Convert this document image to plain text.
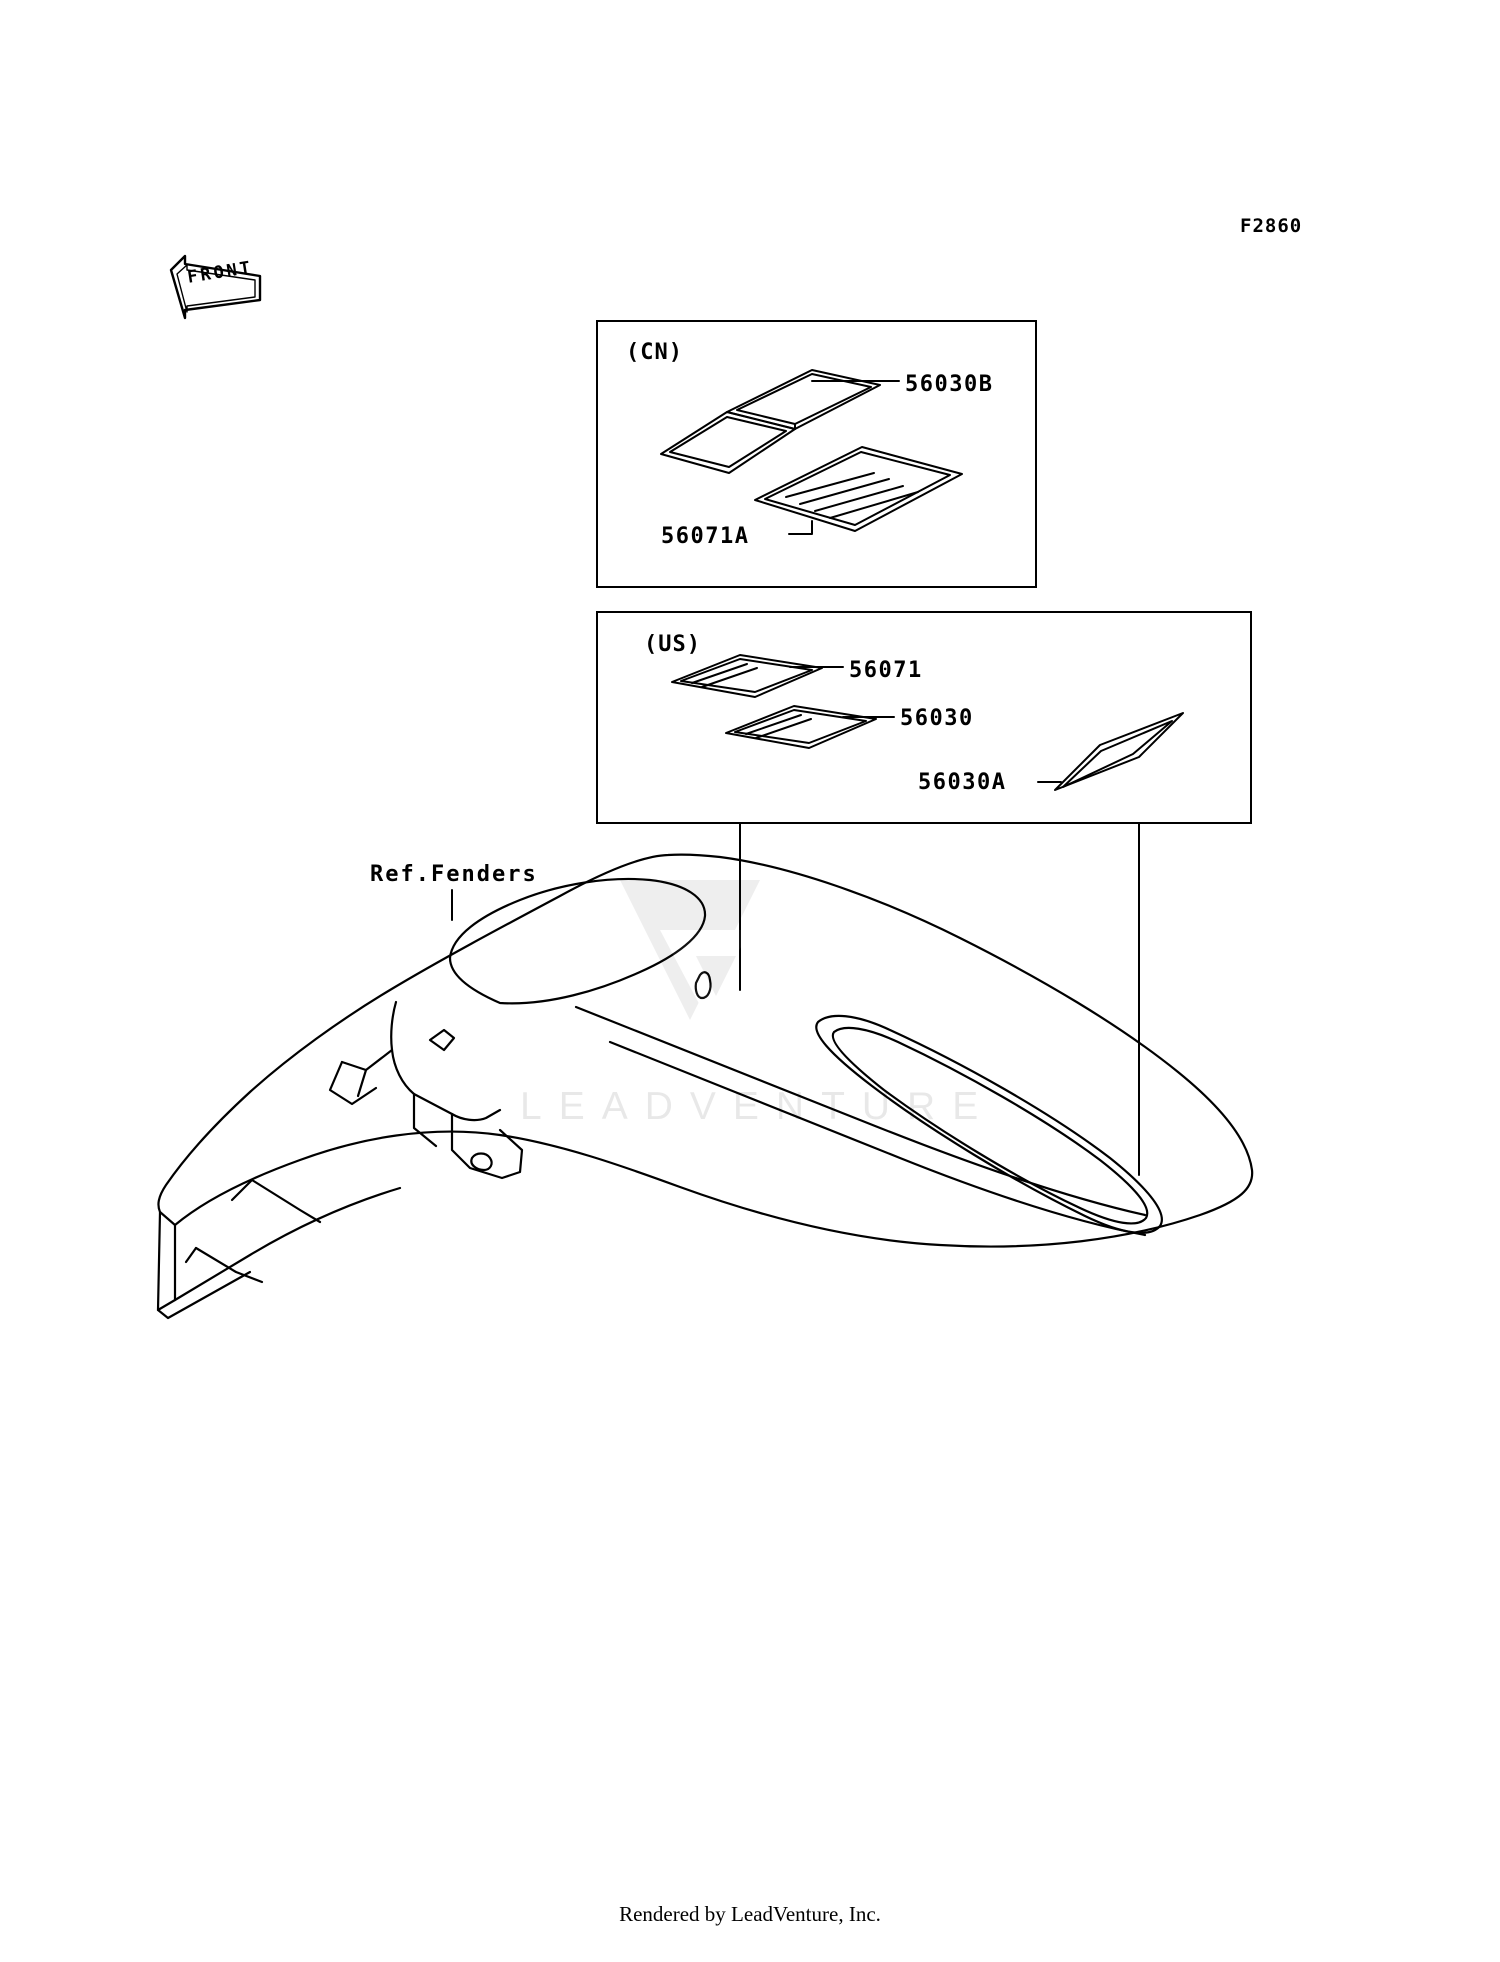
F2860
FRONT
(CN)
(US)
LEADVENTURE
56030B
56071A
56071
56030
56030A
Ref.Fenders
Rendered by LeadVenture, Inc.
